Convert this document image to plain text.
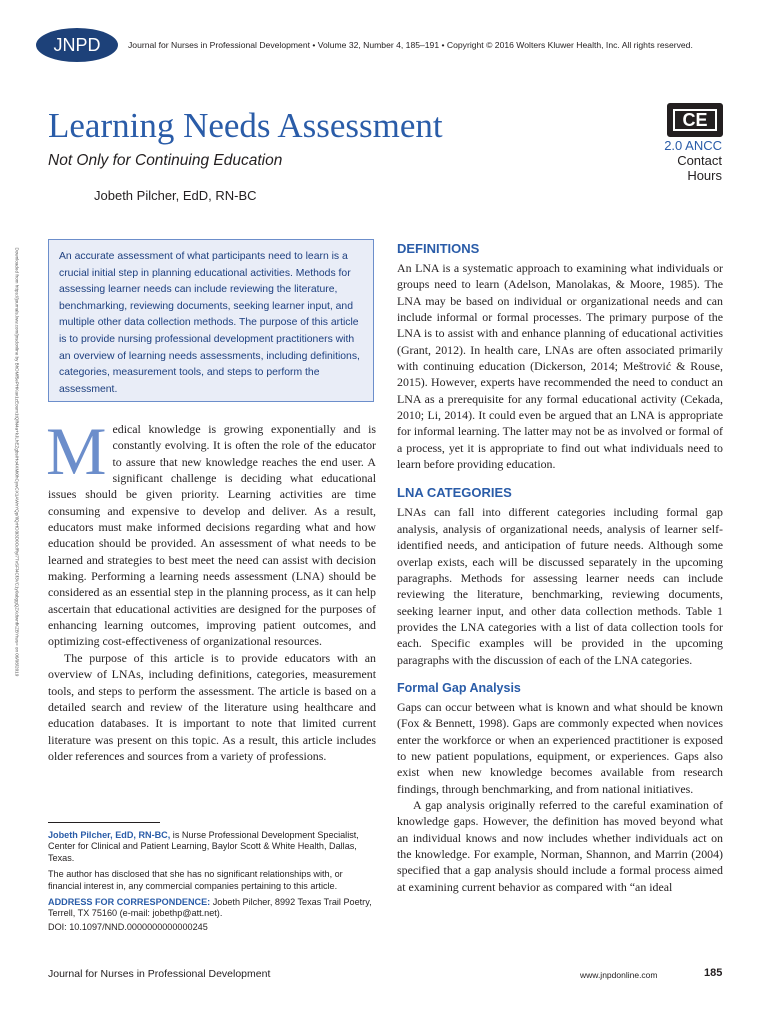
JNPD	Journal for Nurses in Professional Development • Volume 32, Number 4, 185–191 • Copyright © 2016 Wolters Kluwer Health, Inc. All rights reserved.
Learning Needs Assessment
Not Only for Continuing Education
Jobeth Pilcher, EdD, RN-BC
CE
2.0 ANCC
Contact
Hours
Downloaded from https://journals.lww.com/jnsdonline by BhDMf5ePHKav1zEoum1tQfN4a+kJLhEZgbsIHo4XMi0hCywCX1AWnYQp/IlQrHD3i3D0OdRyi7TvSFl4Cf3VC1y0abggQZXdtwnfKZBYtws= on 06/08/2019	An accurate assessment of what participants need to learn is a crucial initial step in planning educational activities. Methods for assessing learner needs can include reviewing the literature, benchmarking, reviewing documents, seeking learner input, and multiple other data collection methods. The purpose of this article is to provide nursing professional development practitioners with an overview of learning needs assessments, including definitions, categories, measurement tools, and steps to perform the assessment.

Medical knowledge is growing exponentially and is constantly evolving. It is often the role of the educator to assure that new knowledge reaches the end user. A significant challenge is deciding what educational issues should be given priority. Learning activities are time consuming and expensive to develop and deliver. As a result, educators must make informed decisions regarding what and how education should be provided. An assessment of what needs to be learned and strategies to best meet the need can assist with decision making. Performing a learning needs assessment (LNA) should be considered as an essential step in the planning process, as it can help ascertain that educational activities are designed for the purposes of enhancing learning outcomes, improving patient outcomes, and optimizing cost-effectiveness of organizational resources.

The purpose of this article is to provide educators with an overview of LNAs, including definitions, categories, measurement tools, and steps to perform the assessment. The article is based on a detailed search and review of the literature using healthcare and education databases. It is important to note that limited current literature was present on this topic. As a result, this article includes older references and sources from a variety of professions.

Jobeth Pilcher, EdD, RN-BC, is Nurse Professional Development Specialist, Center for Clinical and Patient Learning, Baylor Scott & White Health, Dallas, Texas.

The author has disclosed that she has no significant relationships with, or financial interest in, any commercial companies pertaining to this article.

ADDRESS FOR CORRESPONDENCE: Jobeth Pilcher, 8992 Texas Trail Poetry, Terrell, TX 75160 (e-mail: jobethp@att.net).

DOI: 10.1097/NND.0000000000000245

DEFINITIONS

An LNA is a systematic approach to examining what individuals or groups need to learn (Adelson, Manolakas, & Moore, 1985). The LNA may be based on individual or organizational needs and can include informal or formal processes. The primary purpose of the LNA is to assist with and enhance planning of educational activities (Grant, 2012). In health care, LNAs are often associated primarily with continuing education (Dickerson, 2014; Meštrović & Rouse, 2015). However, experts have recommended the need to conduct an LNA as a prerequisite for any formal educational activity (Cekada, 2010; Li, 2014). It could even be argued that an LNA is appropriate for informal learning. The latter may not be as involved or formal of a process, yet it is appropriate to find out what individuals need to learn before providing education.

LNA CATEGORIES

LNAs can fall into different categories including formal gap analysis, analysis of organizational needs, analysis of learner self-identified needs, and anticipation of future needs. Although some overlap exists, each will be discussed separately in the upcoming paragraphs. Methods for assessing learner needs can include reviewing the literature, benchmarking, reviewing documents, seeking learner input, and other data collection methods. Table 1 provides the LNA categories with a list of data collection tools for each. Specific examples will be provided in the upcoming paragraphs with the discussion of each of the LNA categories.

Formal Gap Analysis

Gaps can occur between what is known and what should be known (Fox & Bennett, 1998). Gaps are commonly expected when novices enter the workforce or when an experienced practitioner is exposed to new patient populations, equipment, or experiences. Gaps also exist when new knowledge becomes available from research findings, through benchmarking, and from national initiatives.

A gap analysis originally referred to the careful examination of knowledge gaps. However, the definition has moved beyond what an individual knows and now includes whether individuals act on the knowledge. For example, Norman, Shannon, and Marrin (2004) specified that a gap analysis should include a formal process aimed at examining current behavior as compared with “an ideal

Journal for Nurses in Professional Development	www.jnpdonline.com	185
